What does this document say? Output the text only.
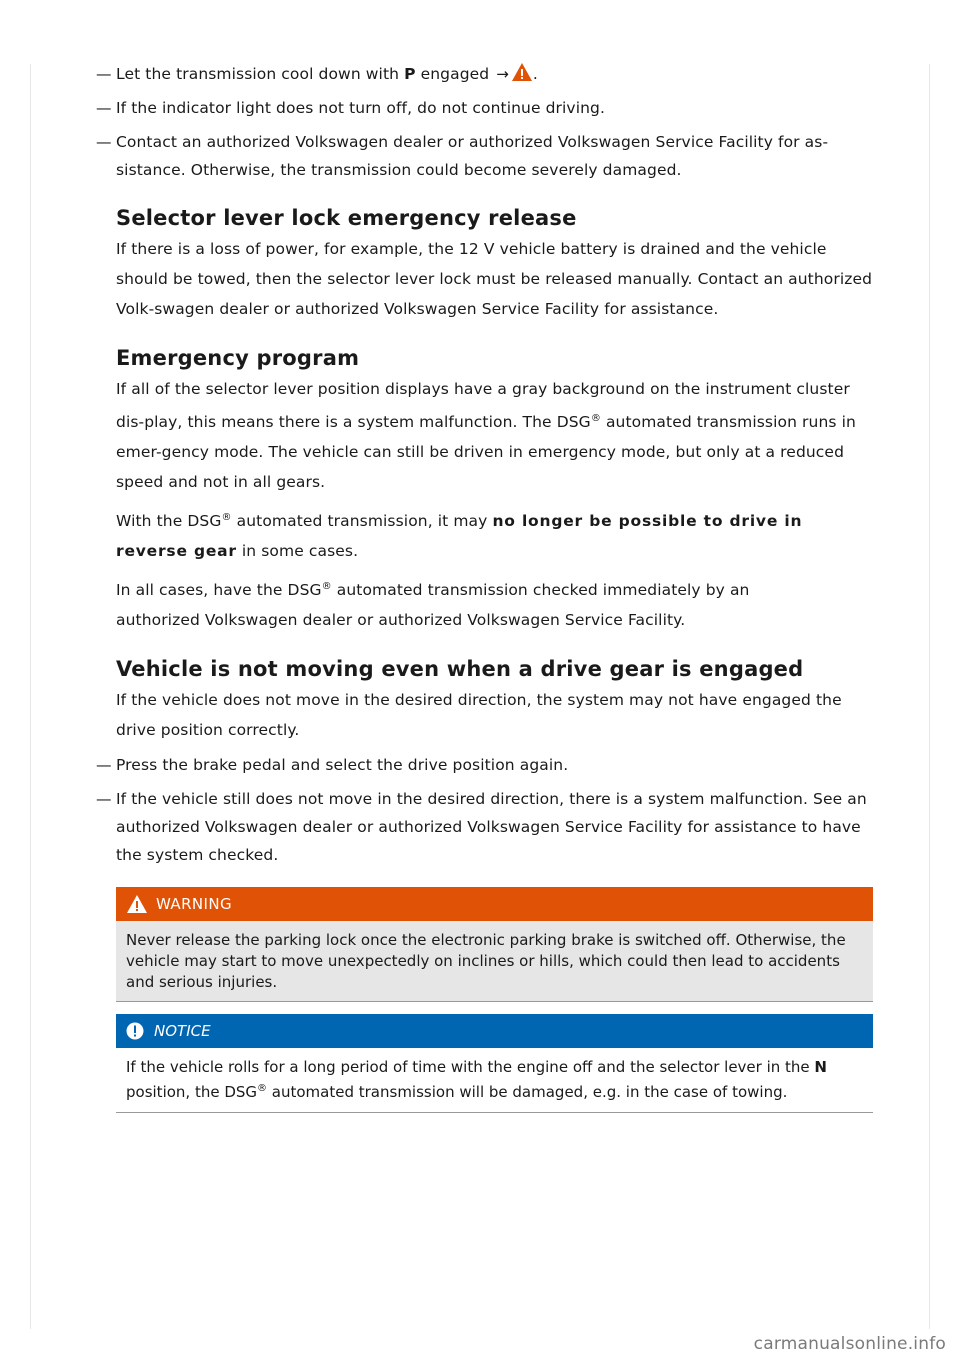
— Let the transmission cool down with P engaged → .
— If the indicator light does not turn off, do not continue driving.
— Contact an authorized Volkswagen dealer or authorized Volkswagen Service Facility for as-
sistance. Otherwise, the transmission could become severely damaged.
Selector lever lock emergency release

If there is a loss of power, for example, the 12 V vehicle battery is drained and the vehicle should be towed, then the selector lever lock must be released manually. Contact an authorized Volk-swagen dealer or authorized Volkswagen Service Facility for assistance.

Emergency program

If all of the selector lever position displays have a gray background on the instrument cluster dis-play, this means there is a system malfunction. The DSG® automated transmission runs in emer-gency mode. The vehicle can still be driven in emergency mode, but only at a reduced speed and not in all gears.

With the DSG® automated transmission, it may no longer be possible to drive in reverse gear in some cases.

In all cases, have the DSG® automated transmission checked immediately by an
authorized Volkswagen dealer or authorized Volkswagen Service Facility.

Vehicle is not moving even when a drive gear is engaged

If the vehicle does not move in the desired direction, the system may not have engaged the drive position correctly.

— Press the brake pedal and select the drive position again.
— If the vehicle still does not move in the desired direction, there is a system malfunction. See an authorized Volkswagen dealer or authorized Volkswagen Service Facility for assistance to have the system checked.
WARNING
Never release the parking lock once the electronic parking brake is switched off. Otherwise, the vehicle may start to move unexpectedly on inclines or hills, which could then lead to accidents and serious injuries.
NOTICE
If the vehicle rolls for a long period of time with the engine off and the selector lever in the N position, the DSG® automated transmission will be damaged, e.g. in the case of towing.
carmanualsonline.info
